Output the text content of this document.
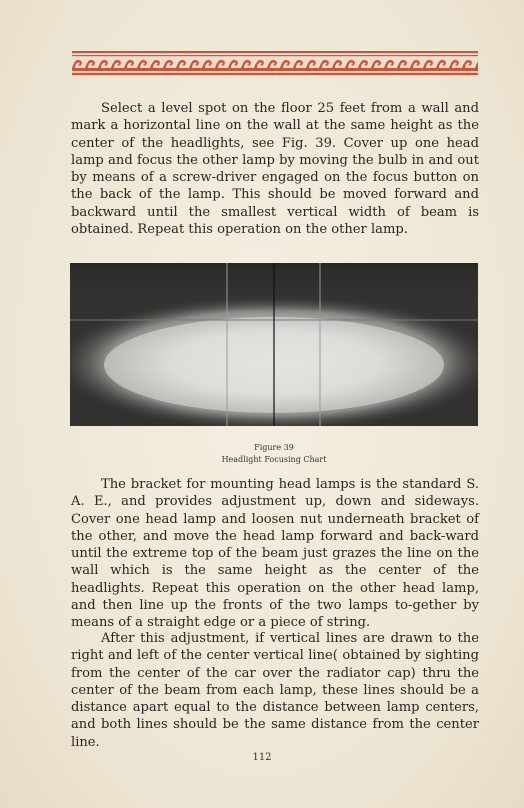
Select a level spot on the floor 25 feet from a wall and mark a horizontal line on the wall at the same height as the center of the headlights, see Fig. 39. Cover up one head lamp and focus the other lamp by moving the bulb in and out by means of a screw-driver engaged on the focus button on the back of the lamp. This should be moved forward and backward until the smallest vertical width of beam is obtained. Repeat this operation on the other lamp.

Figure 39
Headlight Focusing Chart

The bracket for mounting head lamps is the standard S. A. E., and provides adjustment up, down and sideways. Cover one head lamp and loosen nut underneath bracket of the other, and move the head lamp forward and back-ward until the extreme top of the beam just grazes the line on the wall which is the same height as the center of the headlights. Repeat this operation on the other head lamp, and then line up the fronts of the two lamps to-gether by means of a straight edge or a piece of string.

After this adjustment, if vertical lines are drawn to the right and left of the center vertical line( obtained by sighting from the center of the car over the radiator cap) thru the center of the beam from each lamp, these lines should be a distance apart equal to the distance between lamp centers, and both lines should be the same distance from the center line.

112
